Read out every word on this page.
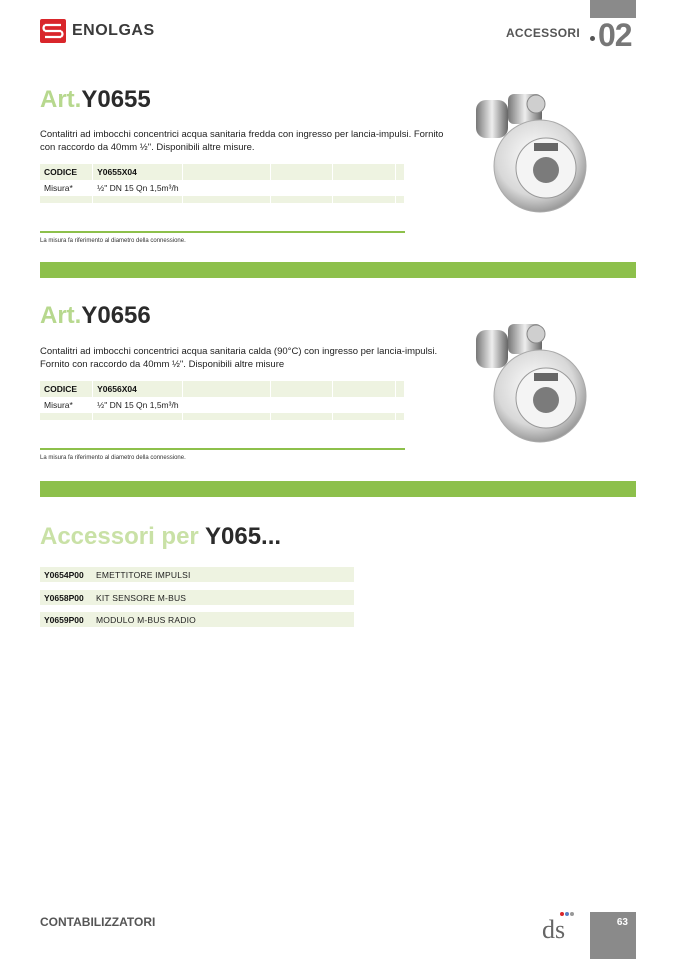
ENOLGAS	ACCESSORI 02
Art.Y0655
Contalitri ad imbocchi concentrici acqua sanitaria fredda con ingresso per lancia-impulsi. Fornito con raccordo da 40mm ½". Disponibili altre misure.
CODICE	Y0655X04				
Misura*	½" DN 15 Qn 1,5m³/h				

La misura fa riferimento al diametro della connessione.
Art.Y0656
Contalitri ad imbocchi concentrici acqua sanitaria calda (90°C) con ingresso per lancia-impulsi. Fornito con raccordo da 40mm ½". Disponibili altre misure
CODICE	Y0656X04				
Misura*	½" DN 15 Qn 1,5m³/h				

La misura fa riferimento al diametro della connessione.
Accessori per Y065...
Y0654P00	EMETTITORE IMPULSI
Y0658P00	KIT SENSORE M-BUS
Y0659P00	MODULO M-BUS RADIO
CONTABILIZZATORI	ds	63
